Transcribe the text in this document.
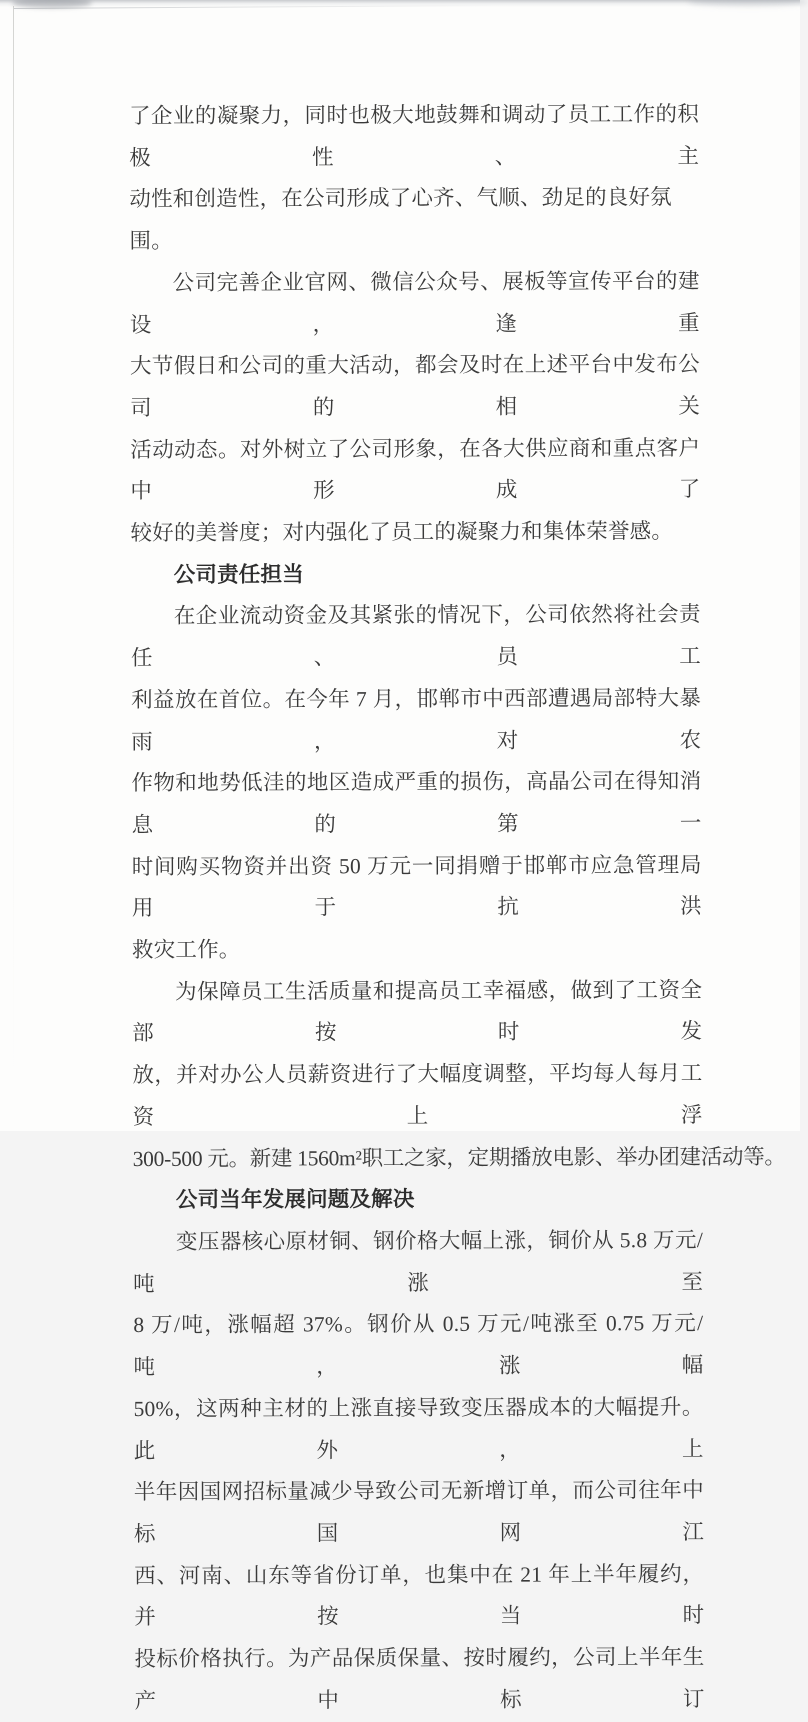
了企业的凝聚力，同时也极大地鼓舞和调动了员工工作的积极性、主
动性和创造性，在公司形成了心齐、气顺、劲足的良好氛围。
公司完善企业官网、微信公众号、展板等宣传平台的建设，逢重
大节假日和公司的重大活动，都会及时在上述平台中发布公司的相关
活动动态。对外树立了公司形象，在各大供应商和重点客户中形成了
较好的美誉度；对内强化了员工的凝聚力和集体荣誉感。
公司责任担当
在企业流动资金及其紧张的情况下，公司依然将社会责任、员工
利益放在首位。在今年 7 月，邯郸市中西部遭遇局部特大暴雨，对农
作物和地势低洼的地区造成严重的损伤，高晶公司在得知消息的第一
时间购买物资并出资 50 万元一同捐赠于邯郸市应急管理局用于抗洪
救灾工作。
为保障员工生活质量和提高员工幸福感，做到了工资全部按时发
放，并对办公人员薪资进行了大幅度调整，平均每人每月工资上浮
300-500 元。新建 1560m²职工之家，定期播放电影、举办团建活动等。
公司当年发展问题及解决
变压器核心原材铜、钢价格大幅上涨，铜价从 5.8 万元/吨涨至
8 万/吨，涨幅超 37%。钢价从 0.5 万元/吨涨至 0.75 万元/吨，涨幅
50%，这两种主材的上涨直接导致变压器成本的大幅提升。此外，上
半年因国网招标量减少导致公司无新增订单，而公司往年中标国网江
西、河南、山东等省份订单，也集中在 21 年上半年履约，并按当时
投标价格执行。为产品保质保量、按时履约，公司上半年生产中标订
